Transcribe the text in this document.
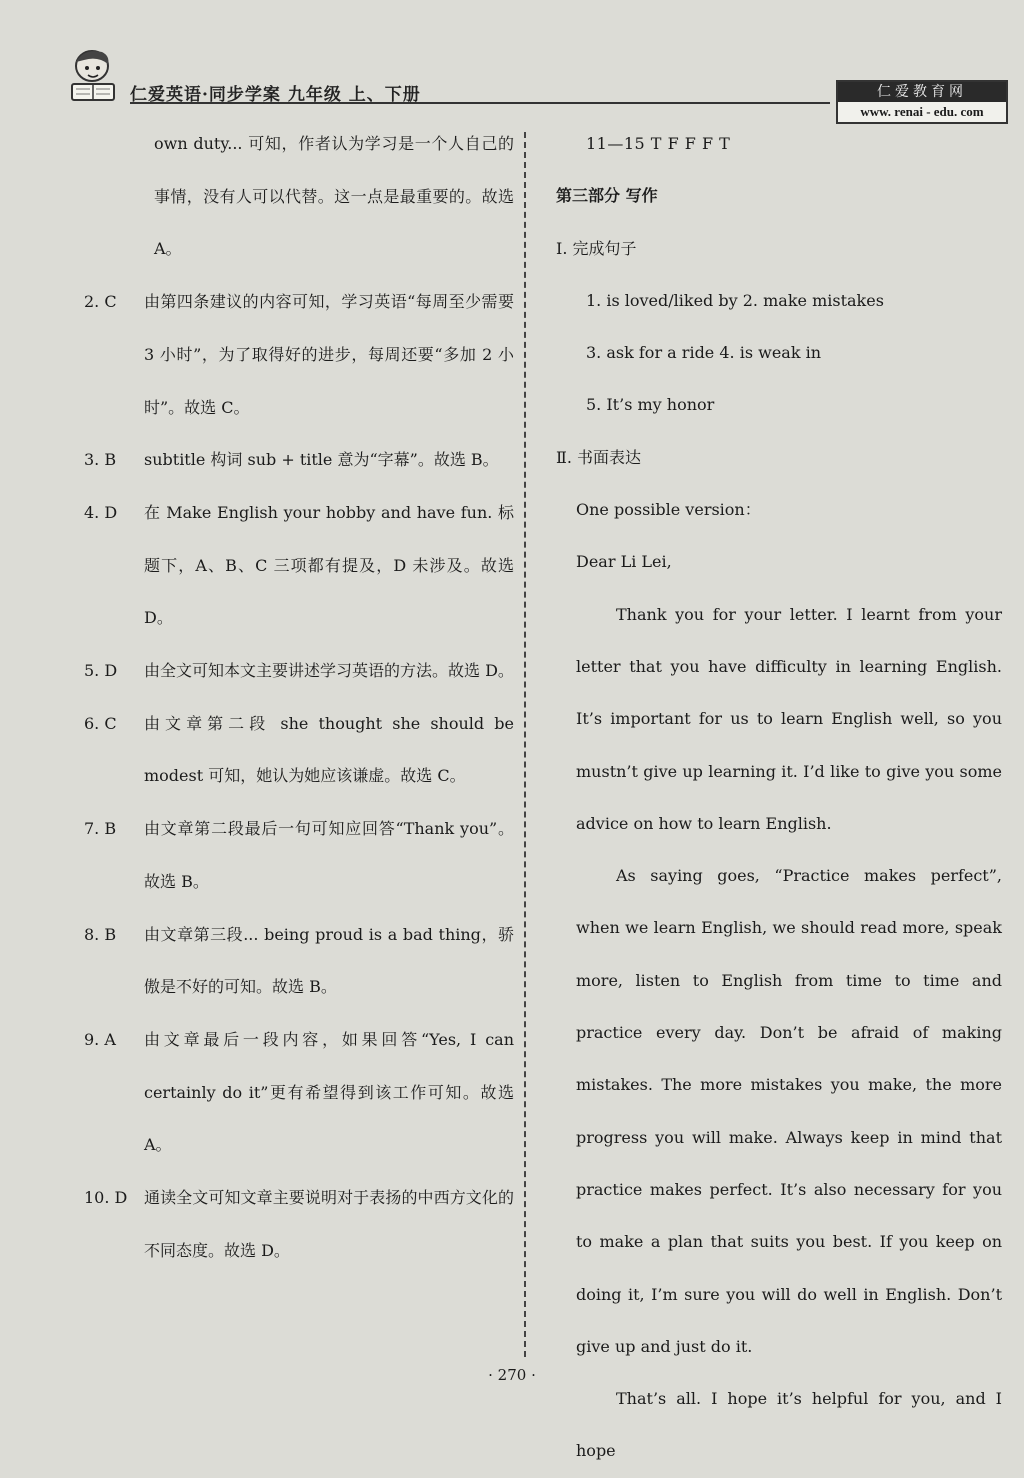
仁爱英语·同步学案 九年级 上、下册	仁爱教育网
www. renai - edu. com

own duty... 可知，作者认为学习是一个人自己的事情，没有人可以代替。这一点是最重要的。故选 A。

2. C	由第四条建议的内容可知，学习英语“每周至少需要 3 小时”，为了取得好的进步，每周还要“多加 2 小时”。故选 C。
3. B	subtitle 构词 sub + title 意为“字幕”。故选 B。
4. D	在 Make English your hobby and have fun. 标题下，A、B、C 三项都有提及，D 未涉及。故选 D。
5. D	由全文可知本文主要讲述学习英语的方法。故选 D。
6. C	由文章第二段 she thought she should be modest 可知，她认为她应该谦虚。故选 C。
7. B	由文章第二段最后一句可知应回答“Thank you”。故选 B。
8. B	由文章第三段... being proud is a bad thing，骄傲是不好的可知。故选 B。
9. A	由文章最后一段内容，如果回答“Yes, I can certainly do it”更有希望得到该工作可知。故选 A。
10. D	通读全文可知文章主要说明对于表扬的中西方文化的不同态度。故选 D。

11—15 T F F F T

第三部分 写作

Ⅰ. 完成句子

1. is loved/liked by 2. make mistakes

3. ask for a ride 4. is weak in

5. It’s my honor

Ⅱ. 书面表达

One possible version：

Dear Li Lei,

Thank you for your letter. I learnt from your letter that you have difficulty in learning English. It’s important for us to learn English well, so you mustn’t give up learning it. I’d like to give you some advice on how to learn English.

As saying goes, “Practice makes perfect”, when we learn English, we should read more, speak more, listen to English from time to time and practice every day. Don’t be afraid of making mistakes. The more mistakes you make, the more progress you will make. Always keep in mind that practice makes perfect. It’s also necessary for you to make a plan that suits you best. If you keep on doing it, I’m sure you will do well in English. Don’t give up and just do it.

That’s all. I hope it’s helpful for you, and I hope

· 270 ·
